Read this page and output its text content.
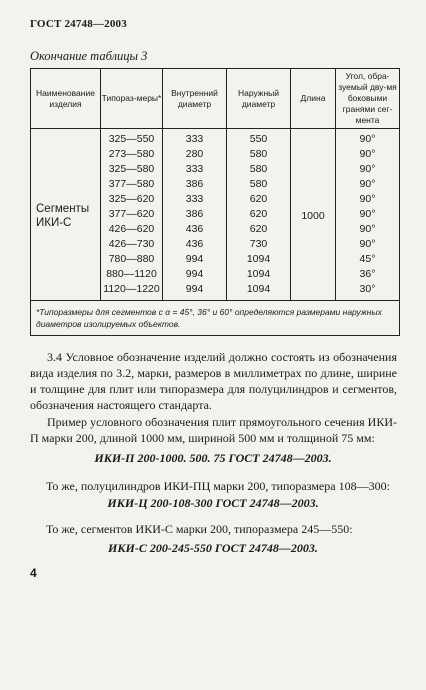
ГОСТ 24748—2003
Окончание таблицы 3
Наименование изделия	Типораз-меры*	Внутренний диаметр	Наружный диаметр	Длина	Угол, обра-зуемый дву-мя боковыми гранями сег-мента
Сегменты ИКИ-С	325—550	333	550	1000	90°
	273—580	280	580		90°
	325—580	333	580		90°
	377—580	386	580		90°
	325—620	333	620		90°
	377—620	386	620		90°
	426—620	436	620		90°
	426—730	436	730		90°
	780—880	994	1094		45°
	880—1120	994	1094		36°
	1120—1220	994	1094		30°
*Типоразмеры для сегментов с α = 45°, 36° и 60° определяются размерами наружных диаметров изолируемых объектов.					
3.4 Условное обозначение изделий должно состоять из обозначения вида изделия по 3.2, марки, размеров в миллиметрах по длине, ширине и толщине для плит или типоразмера для полуцилиндров и сегментов, обозначения настоящего стандарта.
Пример условного обозначения плит прямоугольного сечения ИКИ-П марки 200, длиной 1000 мм, шириной 500 мм и толщиной 75 мм:
ИКИ-П 200-1000. 500. 75 ГОСТ 24748—2003.
То же, полуцилиндров ИКИ-ПЦ марки 200, типоразмера 108—300:
ИКИ-Ц 200-108-300 ГОСТ 24748—2003.
То же, сегментов ИКИ-С марки 200, типоразмера 245—550:
ИКИ-С 200-245-550 ГОСТ 24748—2003.
4
